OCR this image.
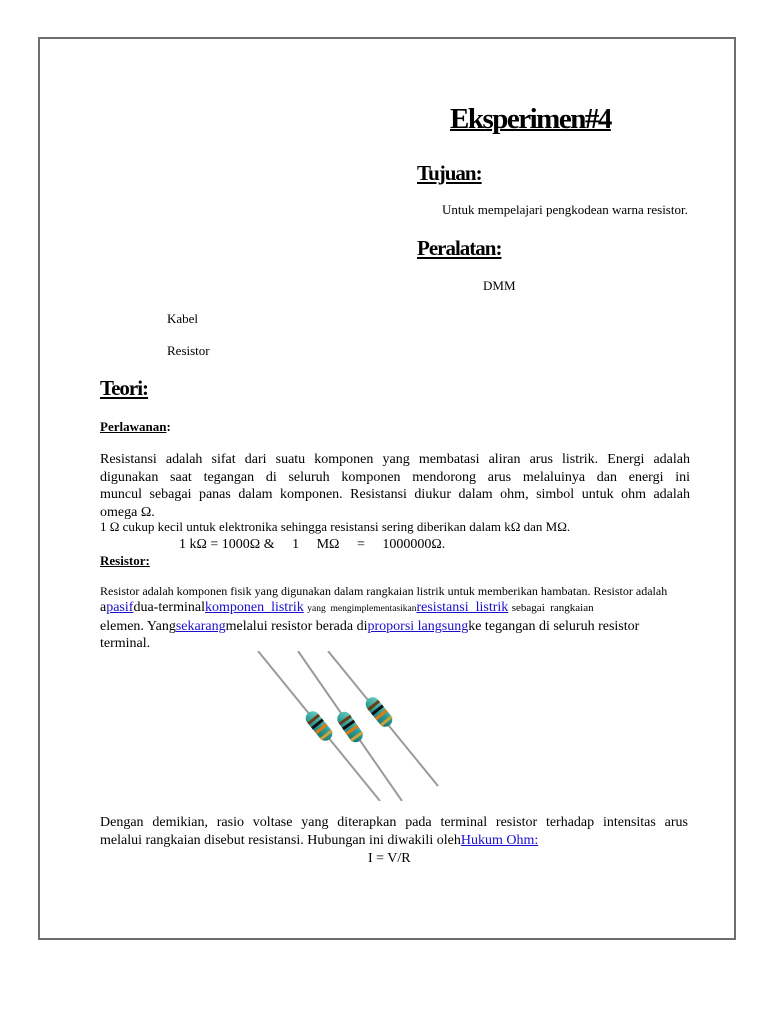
Eksperimen#4
Tujuan:
Untuk mempelajari pengkodean warna resistor.
Peralatan:
DMM
Kabel
Resistor
Teori:
Perlawanan:
Resistansi adalah sifat dari suatu komponen yang membatasi aliran arus listrik. Energi adalah
digunakan saat tegangan di seluruh komponen mendorong arus melaluinya dan energi ini
muncul sebagai panas dalam komponen. Resistansi diukur dalam ohm, simbol untuk ohm adalah
omega Ω.
1 Ω cukup kecil untuk elektronika sehingga resistansi sering diberikan dalam kΩ dan MΩ.
1 kΩ = 1000Ω &     1     MΩ     =     1000000Ω.
Resistor:
Resistor adalah komponen fisik yang digunakan dalam rangkaian listrik untuk memberikan hambatan. Resistor adalah
apasifdua-terminalkomponen  listrik yang  mengimplementasikanresistansi  listrik sebagai  rangkaian
elemen. Yangsekarangmelalui resistor berada diproporsi langsungke tegangan di seluruh resistor
terminal.
Dengan demikian, rasio voltase yang diterapkan pada terminal resistor terhadap intensitas arus
melalui rangkaian disebut resistansi. Hubungan ini diwakili olehHukum Ohm:
I = V/R
